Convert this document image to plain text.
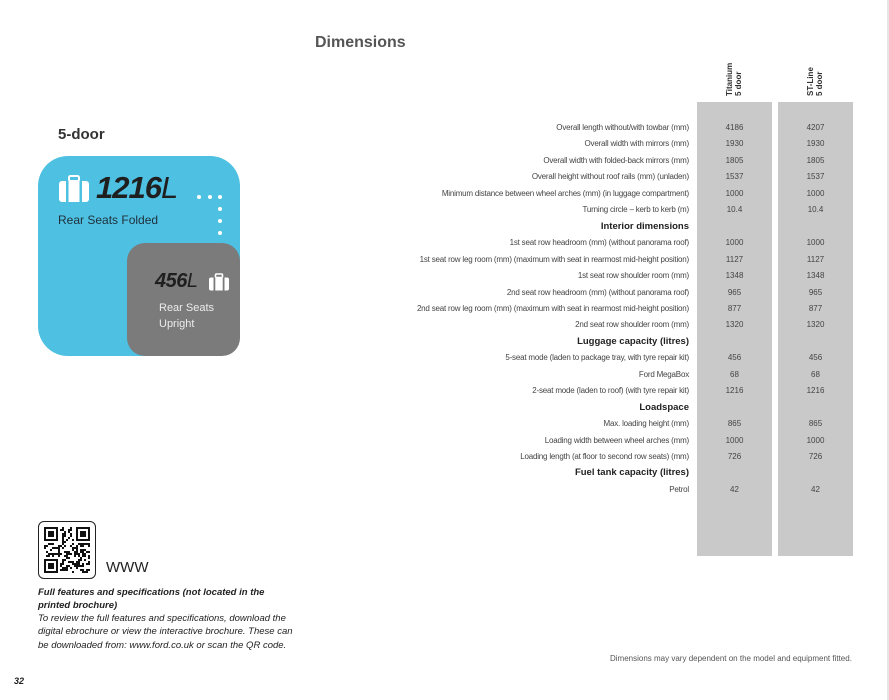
Dimensions
5-door
1216L
Rear Seats Folded
456L
Rear Seats Upright
Titanium 5 door	ST-Line 5 door
Overall length without/with towbar (mm)	4186	4207
Overall width with mirrors (mm)	1930	1930
Overall width with folded-back mirrors (mm)	1805	1805
Overall height without roof rails (mm) (unladen)	1537	1537
Minimum distance between wheel arches (mm) (in luggage compartment)	1000	1000
Turning circle – kerb to kerb (m)	10.4	10.4
Interior dimensions
1st seat row headroom (mm) (without panorama roof)	1000	1000
1st seat row leg room (mm) (maximum with seat in rearmost mid-height position)	1127	1127
1st seat row shoulder room (mm)	1348	1348
2nd seat row headroom (mm) (without panorama roof)	965	965
2nd seat row leg room (mm) (maximum with seat in rearmost mid-height position)	877	877
2nd seat row shoulder room (mm)	1320	1320
Luggage capacity (litres)
5-seat mode (laden to package tray, with tyre repair kit)	456	456
Ford MegaBox	68	68
2-seat mode (laden to roof) (with tyre repair kit)	1216	1216
Loadspace
Max. loading height (mm)	865	865
Loading width between wheel arches (mm)	1000	1000
Loading length (at floor to second row seats) (mm)	726	726
Fuel tank capacity (litres)
Petrol	42	42
WWW
Full features and specifications (not located in the printed brochure)
To review the full features and specifications, download the digital ebrochure or view the interactive brochure. These can be downloaded from: www.ford.co.uk or scan the QR code.
Dimensions may vary dependent on the model and equipment fitted.
32
